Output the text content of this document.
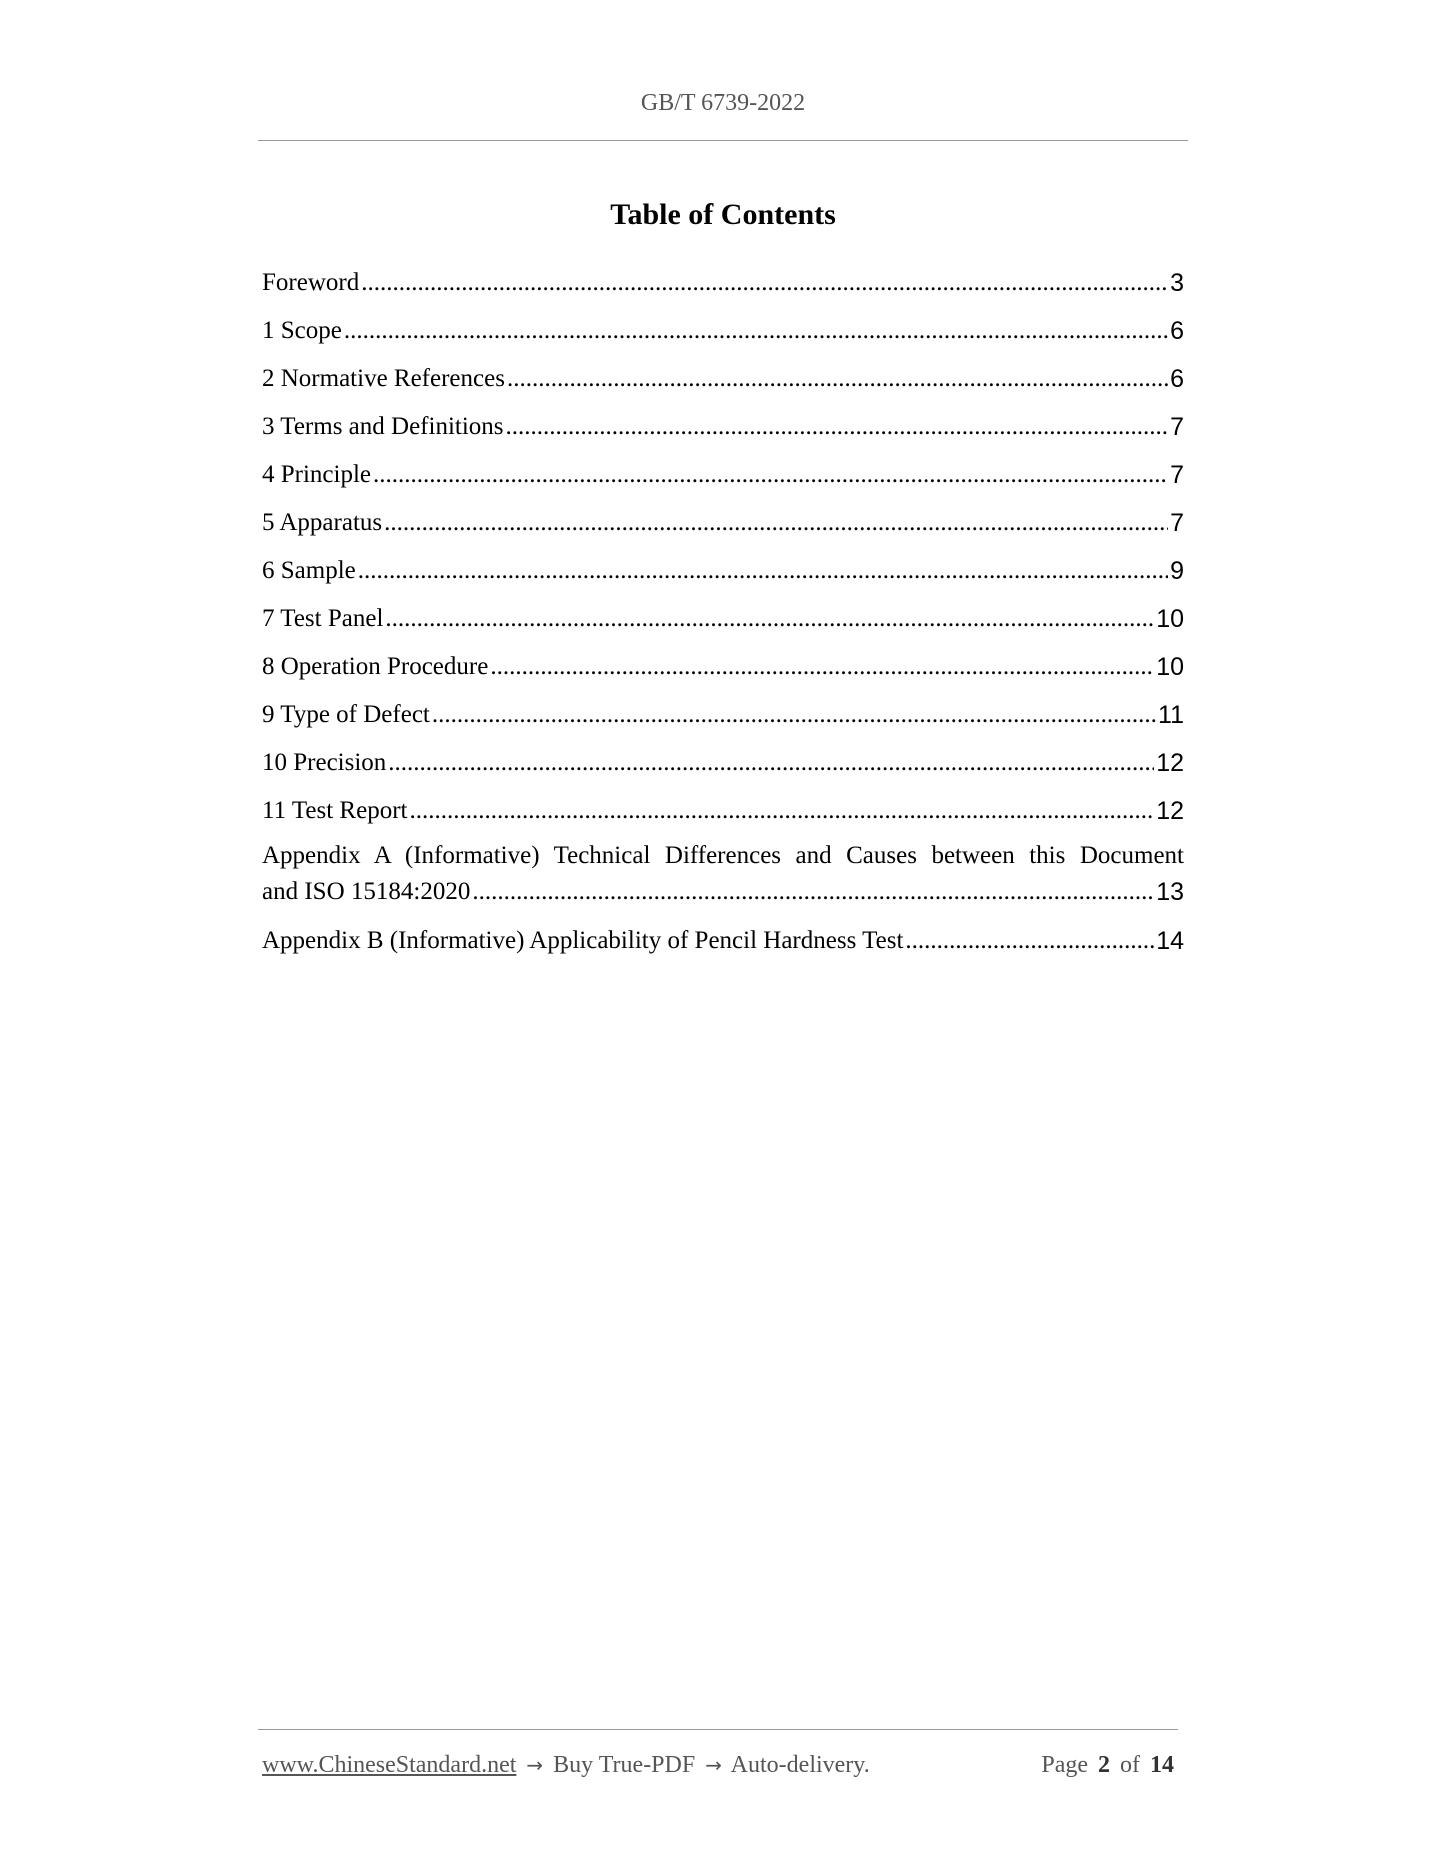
GB/T 6739-2022
Table of Contents
Foreword .....	3
1 Scope .....	6
2 Normative References .....	6
3 Terms and Definitions .....	7
4 Principle .....	7
5 Apparatus .....	7
6 Sample .....	9
7 Test Panel .....	10
8 Operation Procedure .....	10
9 Type of Defect .....	11
10 Precision .....	12
11 Test Report .....	12
Appendix A (Informative) Technical Differences and Causes between this Document
and ISO 15184:2020 .....	13
Appendix B (Informative) Applicability of Pencil Hardness Test .....	14
www.ChineseStandard.net → Buy True-PDF → Auto-delivery.	Page 2 of 14
